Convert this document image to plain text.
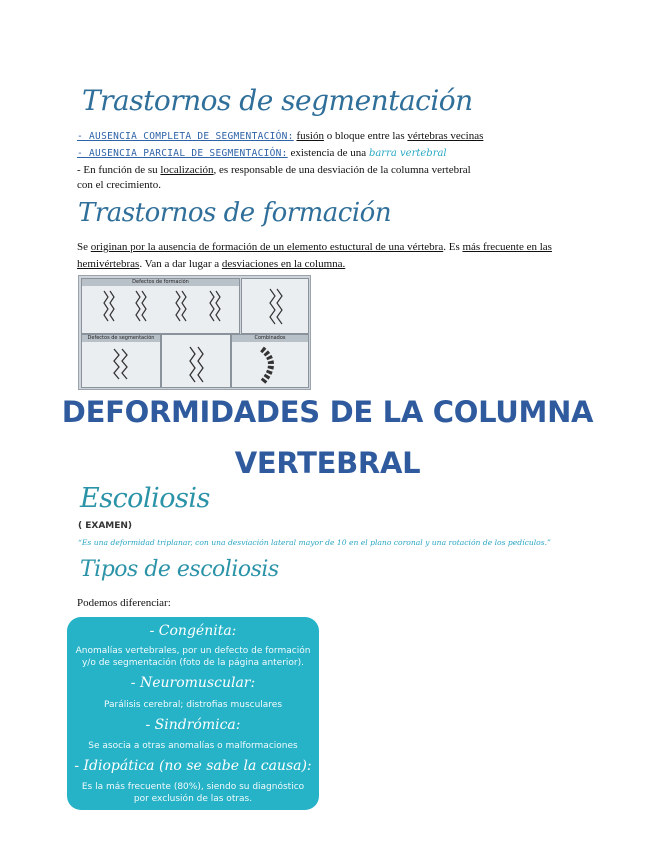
Trastornos de segmentación
- AUSENCIA COMPLETA DE SEGMENTACIÓN: fusión o bloque entre las vértebras vecinas
- AUSENCIA PARCIAL DE SEGMENTACIÓN: existencia de una barra vertebral
- En función de su localización, es responsable de una desviación de la columna vertebral con el crecimiento.
Trastornos de formación
Se originan por la ausencia de formación de un elemento estuctural de una vértebra. Es más frecuente en las hemivértebras. Van a dar lugar a desviaciones en la columna.
Defectos de formación
Defectos de segmentación	Combinados
DEFORMIDADES DE LA COLUMNA
VERTEBRAL
Escoliosis
( EXAMEN)
“Es una deformidad triplanar, con una desviación lateral mayor de 10 en el plano coronal y una rotación de los pedículos.”
Tipos de escoliosis
Podemos diferenciar:
- Congénita:
Anomalías vertebrales, por un defecto de formación y/o de segmentación (foto de la página anterior).
- Neuromuscular:
Parálisis cerebral; distrofias musculares
- Sindrómica:
Se asocia a otras anomalías o malformaciones
- Idiopática (no se sabe la causa):
Es la más frecuente (80%), siendo su diagnóstico por exclusión de las otras.
